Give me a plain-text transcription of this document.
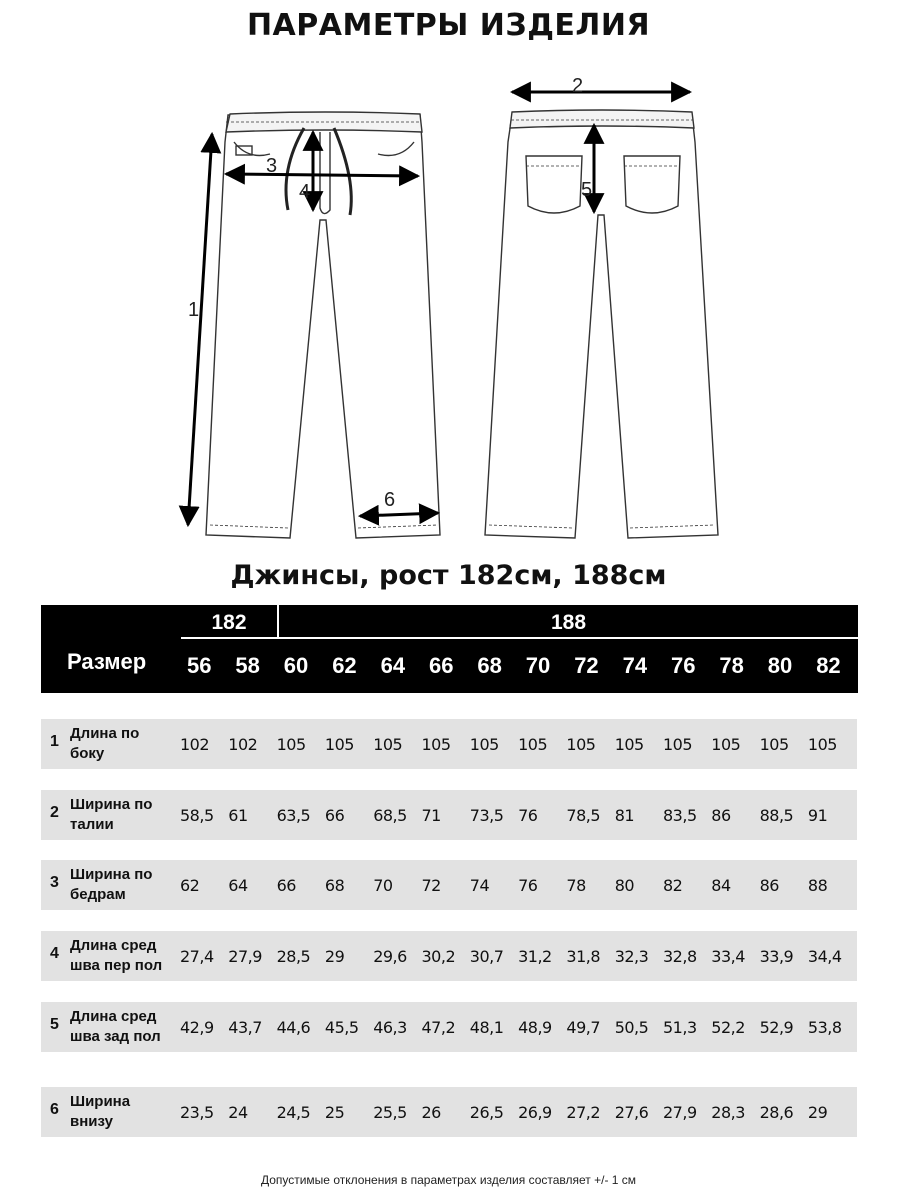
ПАРАМЕТРЫ ИЗДЕЛИЯ
1
2
3
4	5
6
Джинсы, рост 182см, 188см
182	188
Размер 56 58 60 62 64 66 68 70 72 74 76 78 80 82
1 Длина по
боку	102 102 105 105 105 105 105 105 105 105 105 105 105 105
2 Ширина по
талии	58,5 61 63,5 66 68,5 71 73,5 76 78,5 81 83,5 86 88,5 91
3 Ширина по
бедрам	62 64 66 68 70 72 74 76 78 80 82 84 86 88
4 Длина сред
шва пер пол	27,4 27,9 28,5 29 29,6 30,2 30,7 31,2 31,8 32,3 32,8 33,4 33,9 34,4
5 Длина сред
шва зад пол	42,9 43,7 44,6 45,5 46,3 47,2 48,1 48,9 49,7 50,5 51,3 52,2 52,9 53,8
6 Ширина
внизу	23,5 24 24,5 25 25,5 26 26,5 26,9 27,2 27,6 27,9 28,3 28,6 29
Допустимые отклонения в параметрах изделия составляет +/- 1 см
